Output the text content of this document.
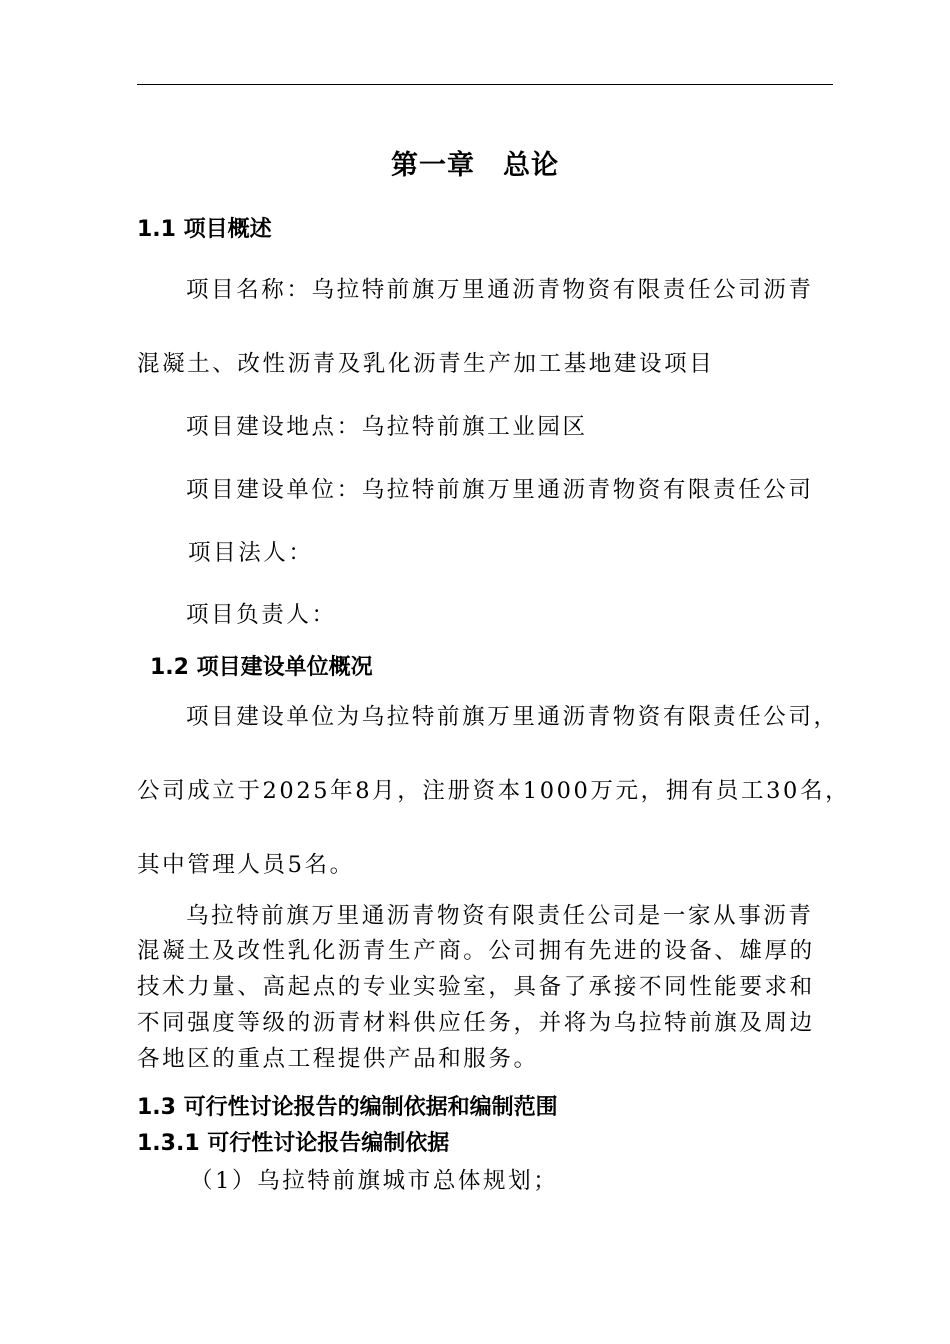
第一章　总论
1.1 项目概述
项目名称：乌拉特前旗万里通沥青物资有限责任公司沥青
混凝土、改性沥青及乳化沥青生产加工基地建设项目
项目建设地点：乌拉特前旗工业园区
项目建设单位：乌拉特前旗万里通沥青物资有限责任公司
项目法人：
项目负责人：
1.2 项目建设单位概况
项目建设单位为乌拉特前旗万里通沥青物资有限责任公司，
公司成立于2025年8月，注册资本1000万元，拥有员工30名，
其中管理人员5名。
乌拉特前旗万里通沥青物资有限责任公司是一家从事沥青
混凝土及改性乳化沥青生产商。公司拥有先进的设备、雄厚的
技术力量、高起点的专业实验室，具备了承接不同性能要求和
不同强度等级的沥青材料供应任务，并将为乌拉特前旗及周边
各地区的重点工程提供产品和服务。
1.3 可行性讨论报告的编制依据和编制范围
1.3.1 可行性讨论报告编制依据
（1）乌拉特前旗城市总体规划；
